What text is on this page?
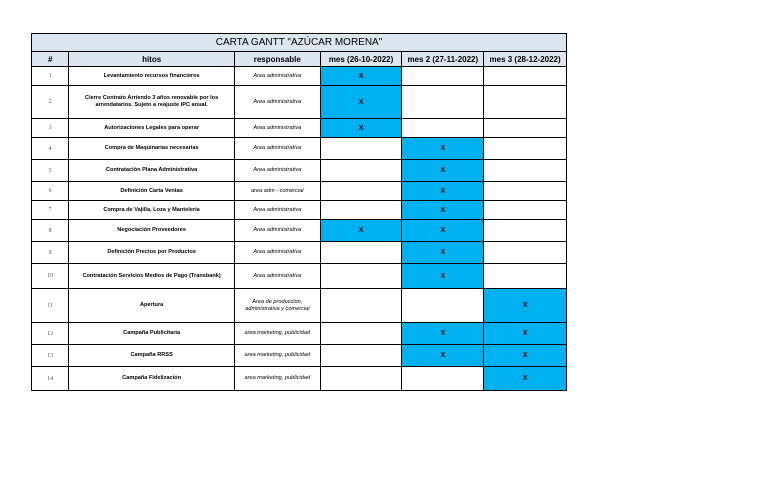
CARTA GANTT "AZÚCAR MORENA"					
#	hitos	responsable	mes (26-10-2022)	mes 2 (27-11-2022)	mes 3 (28-12-2022)
1	Levantamiento recursos financieros	Area administrativa	X		
2	Cierre Contrato Arriendo 3 años renovable por los arrendatarios. Sujeto a reajuste IPC anual.	Area administrativa	X		
3	Autorizaciones Legales para operar	Area administrativa	X		
4	Compra de Maquinarias necesarias	Area administrativa		X	
5	Contratación Plana Administrativa	Area administrativa		X	
6	Definición Carta Ventas	area adm - comercial		X	
7	Compra de Vajilla, Loza y Manteleria	Area administrativa		X	
8	Negociación Proveedores	Area administrativa	X	X	
9	Definición Precios por Productos	Area administrativa		X	
10	Contratación Servicios Medios de Pago (Transbank)	Area administrativa		X	
11	Apertura	Area de produccion, administrativa y comercial			X
12	Campaña Publicitaria	area marketing, publicidad		X	X
13	Campaña RRSS	area marketing, publicidad		X	X
14	Campaña Fidelización	area marketing, publicidad			X
